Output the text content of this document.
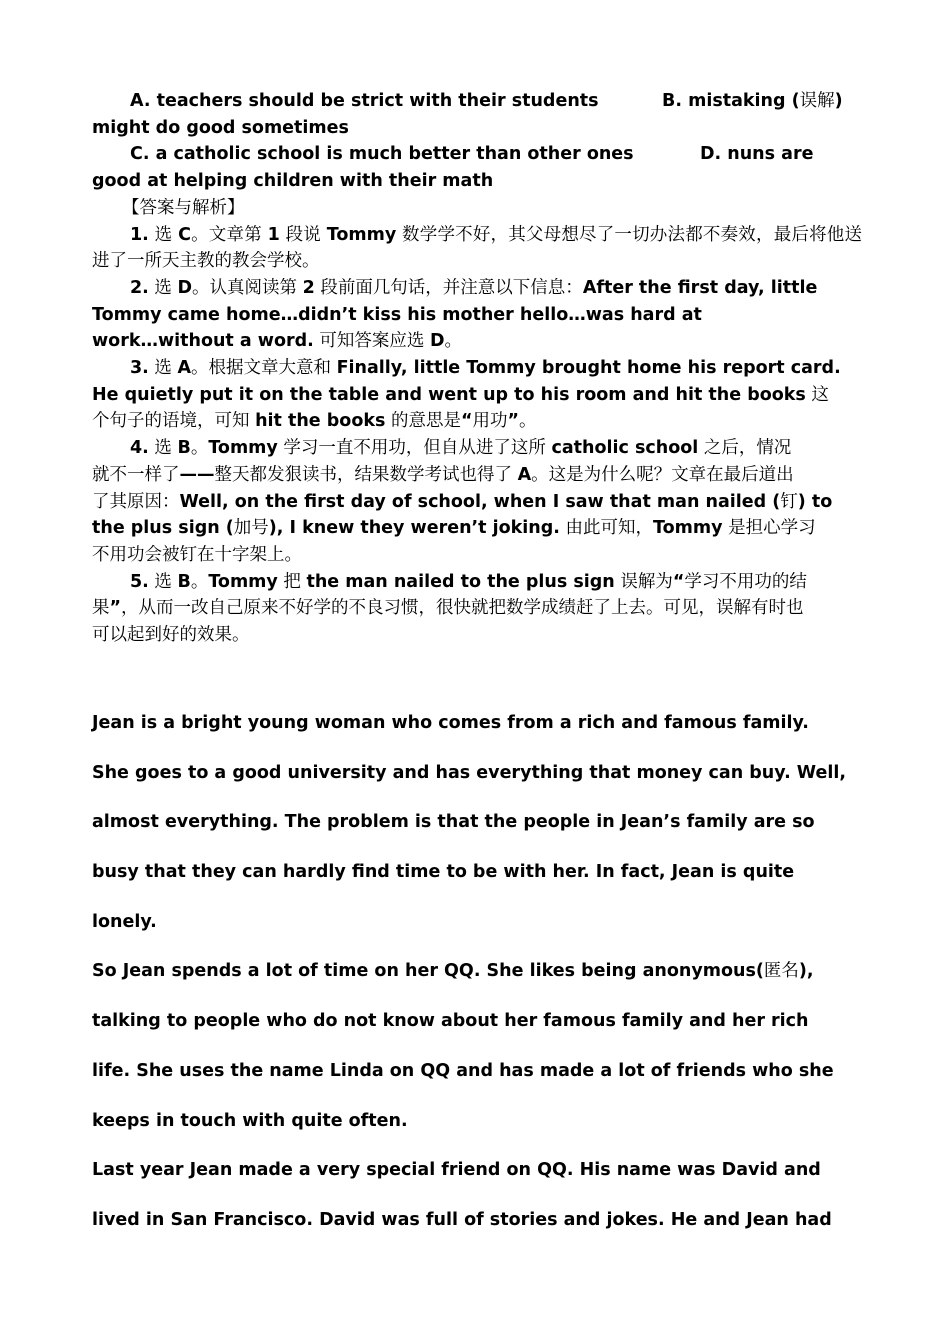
A. teachers should be strict with their students	B. mistaking (误解)
might do good sometimes
C. a catholic school is much better than other ones	D. nuns are
good at helping children with their math
【答案与解析】
1. 选 C。文章第 1 段说 Tommy 数学学不好，其父母想尽了一切办法都不奏效，最后将他送进了一所天主教的教会学校。
2. 选 D。认真阅读第 2 段前面几句话，并注意以下信息：After the first day, little
Tommy came home…didn’t kiss his mother hello…was hard at
work…without a word. 可知答案应选 D。
3. 选 A。根据文章大意和 Finally, little Tommy brought home his report card.
He quietly put it on the table and went up to his room and hit the books 这
个句子的语境，可知 hit the books 的意思是“用功”。
4. 选 B。Tommy 学习一直不用功，但自从进了这所 catholic school 之后，情况
就不一样了——整天都发狠读书，结果数学考试也得了 A。这是为什么呢？文章在最后道出
了其原因：Well, on the first day of school, when I saw that man nailed (钉) to
the plus sign (加号), I knew they weren’t joking. 由此可知，Tommy 是担心学习
不用功会被钉在十字架上。
5. 选 B。Tommy 把 the man nailed to the plus sign 误解为“学习不用功的结
果”，从而一改自己原来不好学的不良习惯，很快就把数学成绩赶了上去。可见，误解有时也
可以起到好的效果。
Jean is a bright young woman who comes from a rich and famous family.
She goes to a good university and has everything that money can buy. Well,
almost everything. The problem is that the people in Jean’s family are so
busy that they can hardly find time to be with her. In fact, Jean is quite
lonely.
So Jean spends a lot of time on her QQ. She likes being anonymous(匿名),
talking to people who do not know about her famous family and her rich
life. She uses the name Linda on QQ and has made a lot of friends who she
keeps in touch with quite often.
Last year Jean made a very special friend on QQ. His name was David and
lived in San Francisco. David was full of stories and jokes. He and Jean had
